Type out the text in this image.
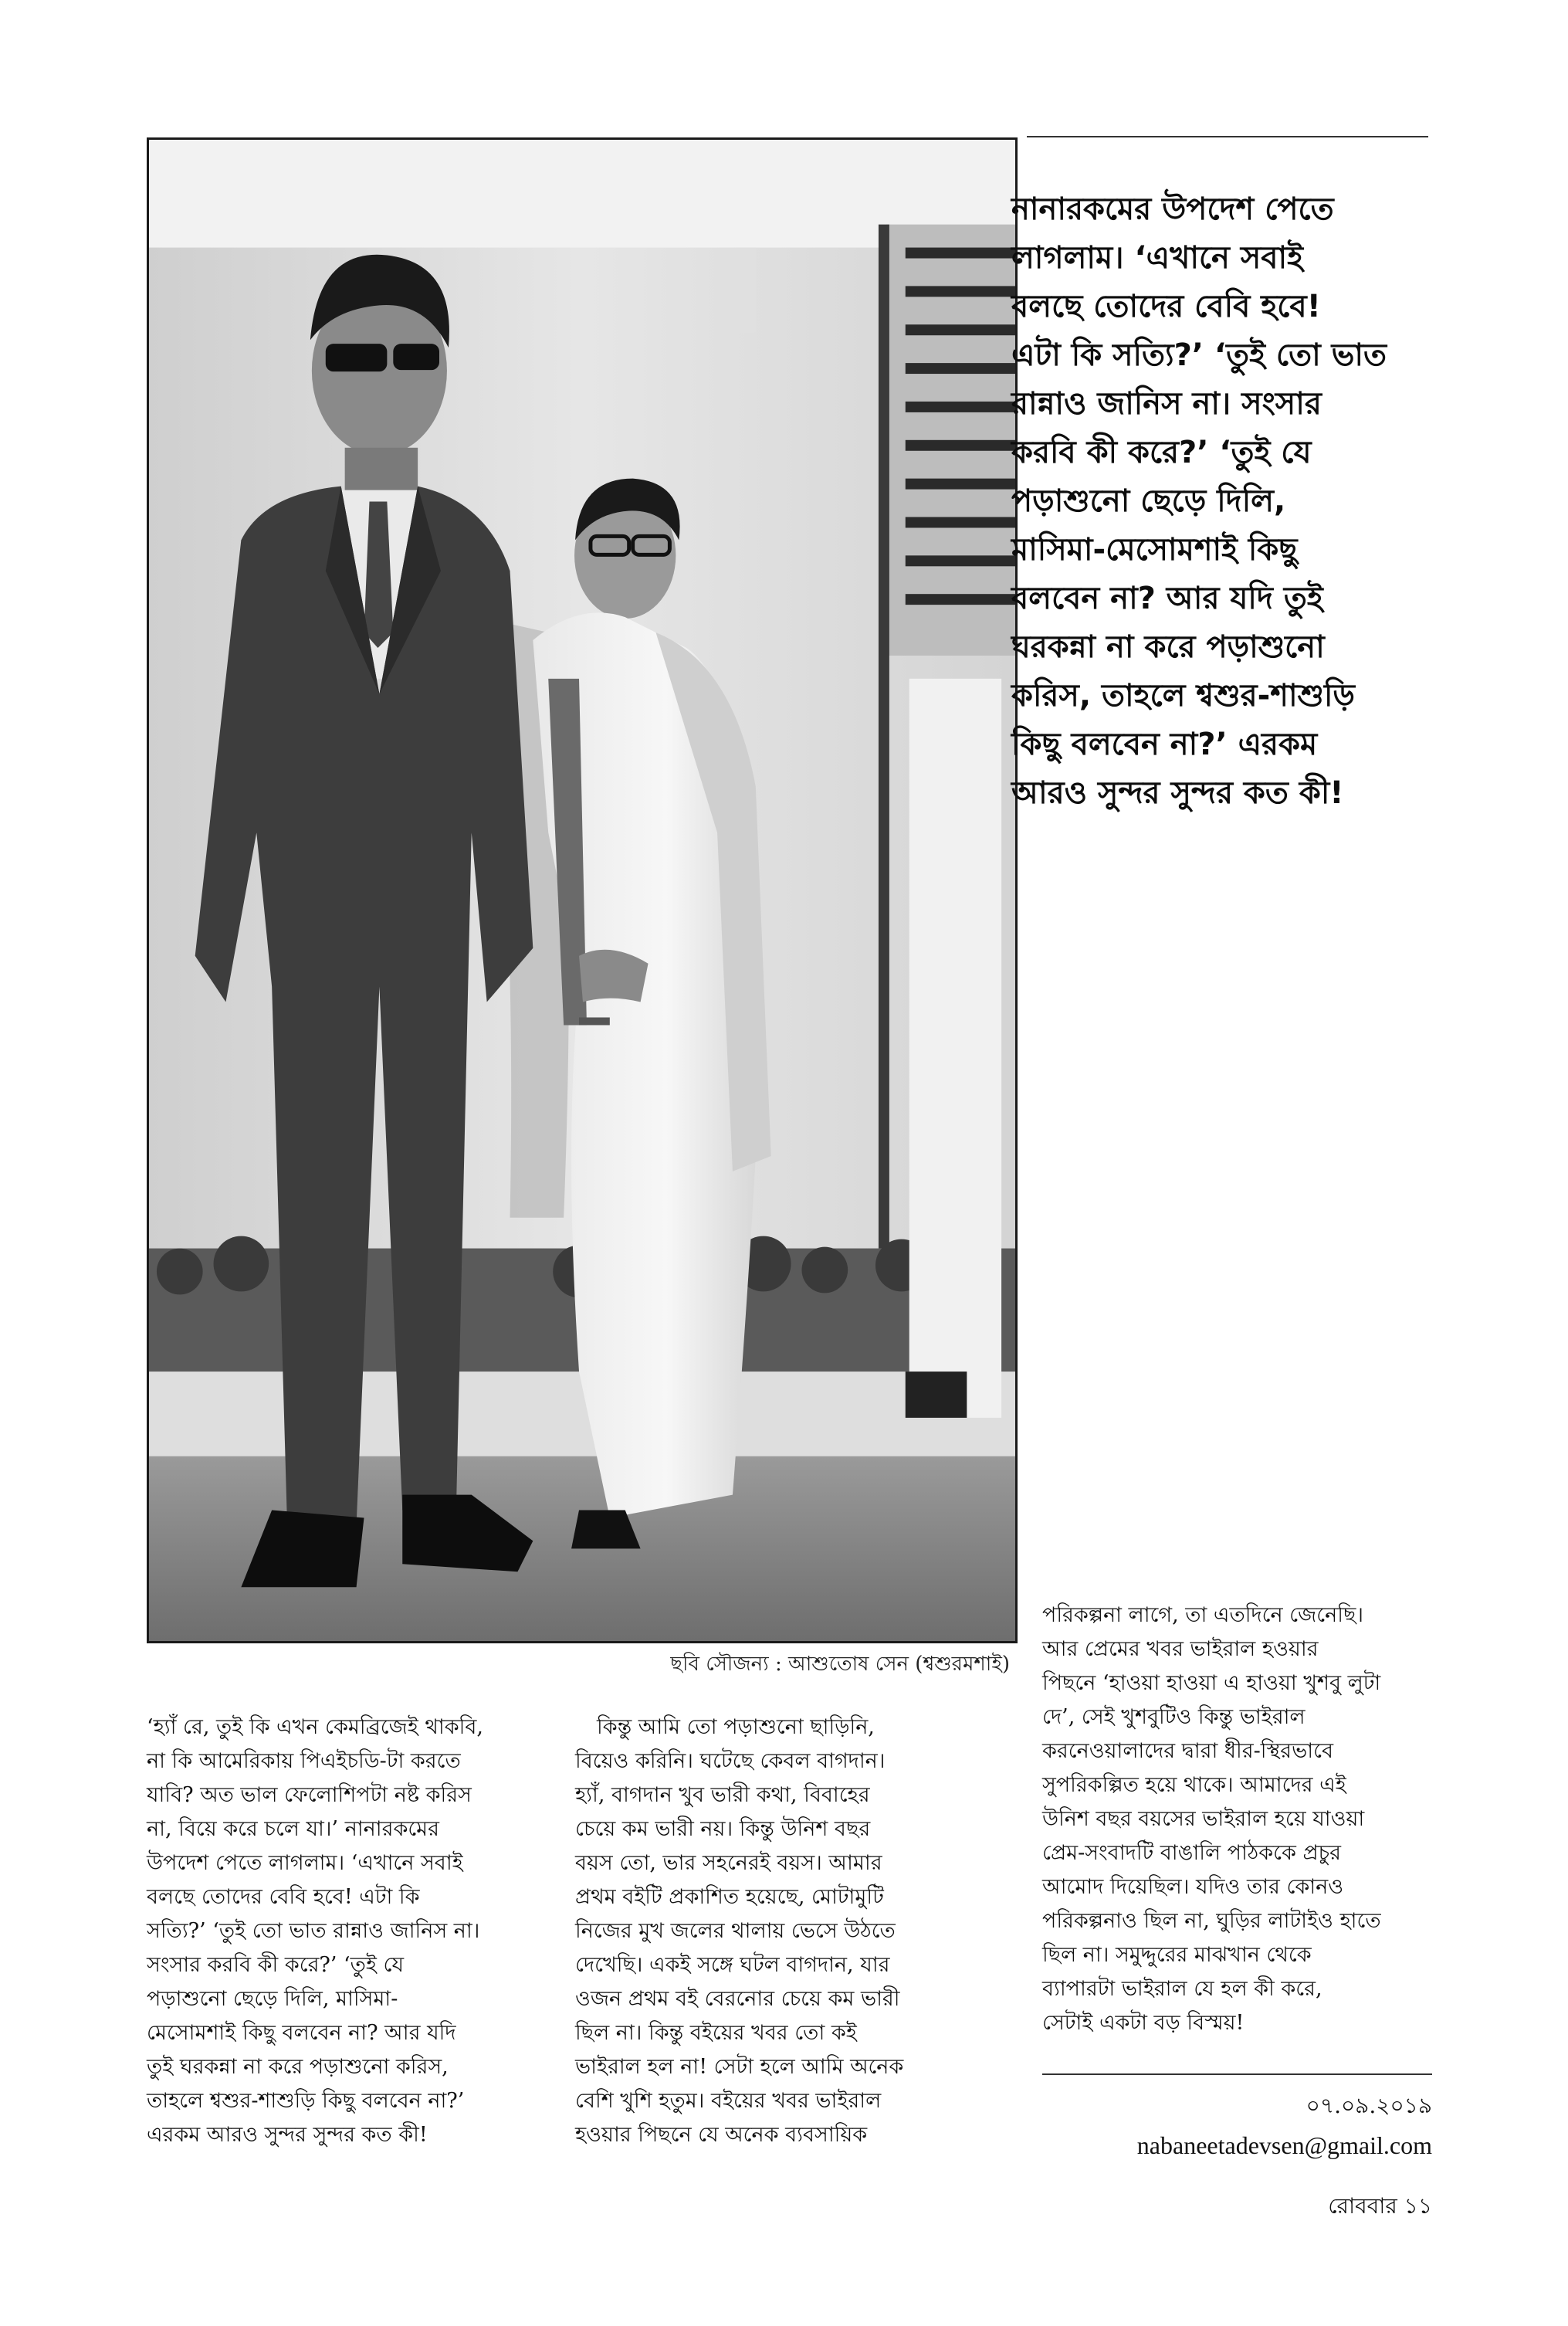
ছবি সৌজন্য : আশুতোষ সেন (শ্বশুরমশাই)
নানারকমের উপদেশ পেতে
লাগলাম। ‘এখানে সবাই
বলছে তোদের বেবি হবে!
এটা কি সত্যি?’ ‘তুই তো ভাত
রান্নাও জানিস না। সংসার
করবি কী করে?’ ‘তুই যে
পড়াশুনো ছেড়ে দিলি,
মাসিমা-মেসোমশাই কিছু
বলবেন না? আর যদি তুই
ঘরকন্না না করে পড়াশুনো
করিস, তাহলে শ্বশুর-শাশুড়ি
কিছু বলবেন না?’ এরকম
আরও সুন্দর সুন্দর কত কী!
‘হ্যাঁ রে, তুই কি এখন কেমব্রিজেই থাকবি,
না কি আমেরিকায় পিএইচডি-টা করতে
যাবি? অত ভাল ফেলোশিপটা নষ্ট করিস
না, বিয়ে করে চলে যা।’ নানারকমের
উপদেশ পেতে লাগলাম। ‘এখানে সবাই
বলছে তোদের বেবি হবে! এটা কি
সত্যি?’ ‘তুই তো ভাত রান্নাও জানিস না।
সংসার করবি কী করে?’ ‘তুই যে
পড়াশুনো ছেড়ে দিলি, মাসিমা-
মেসোমশাই কিছু বলবেন না? আর যদি
তুই ঘরকন্না না করে পড়াশুনো করিস,
তাহলে শ্বশুর-শাশুড়ি কিছু বলবেন না?’
এরকম আরও সুন্দর সুন্দর কত কী!
কিন্তু আমি তো পড়াশুনো ছাড়িনি,
বিয়েও করিনি। ঘটেছে কেবল বাগদান।
হ্যাঁ, বাগদান খুব ভারী কথা, বিবাহের
চেয়ে কম ভারী নয়। কিন্তু উনিশ বছর
বয়স তো, ভার সহনেরই বয়স। আমার
প্রথম বইটি প্রকাশিত হয়েছে, মোটামুটি
নিজের মুখ জলের থালায় ভেসে উঠতে
দেখেছি। একই সঙ্গে ঘটল বাগদান, যার
ওজন প্রথম বই বেরনোর চেয়ে কম ভারী
ছিল না। কিন্তু বইয়ের খবর তো কই
ভাইরাল হল না! সেটা হলে আমি অনেক
বেশি খুশি হতুম। বইয়ের খবর ভাইরাল
হওয়ার পিছনে যে অনেক ব্যবসায়িক
পরিকল্পনা লাগে, তা এতদিনে জেনেছি।
আর প্রেমের খবর ভাইরাল হওয়ার
পিছনে ‘হাওয়া হাওয়া এ হাওয়া খুশবু লুটা
দে’, সেই খুশবুটিও কিন্তু ভাইরাল
করনেওয়ালাদের দ্বারা ধীর-স্থিরভাবে
সুপরিকল্পিত হয়ে থাকে। আমাদের এই
উনিশ বছর বয়সের ভাইরাল হয়ে যাওয়া
প্রেম-সংবাদটি বাঙালি পাঠককে প্রচুর
আমোদ দিয়েছিল। যদিও তার কোনও
পরিকল্পনাও ছিল না, ঘুড়ির লাটাইও হাতে
ছিল না। সমুদ্দুরের মাঝখান থেকে
ব্যাপারটা ভাইরাল যে হল কী করে,
সেটাই একটা বড় বিস্ময়!
০৭.০৯.২০১৯
nabaneetadevsen@gmail.com
রোববার ১১
